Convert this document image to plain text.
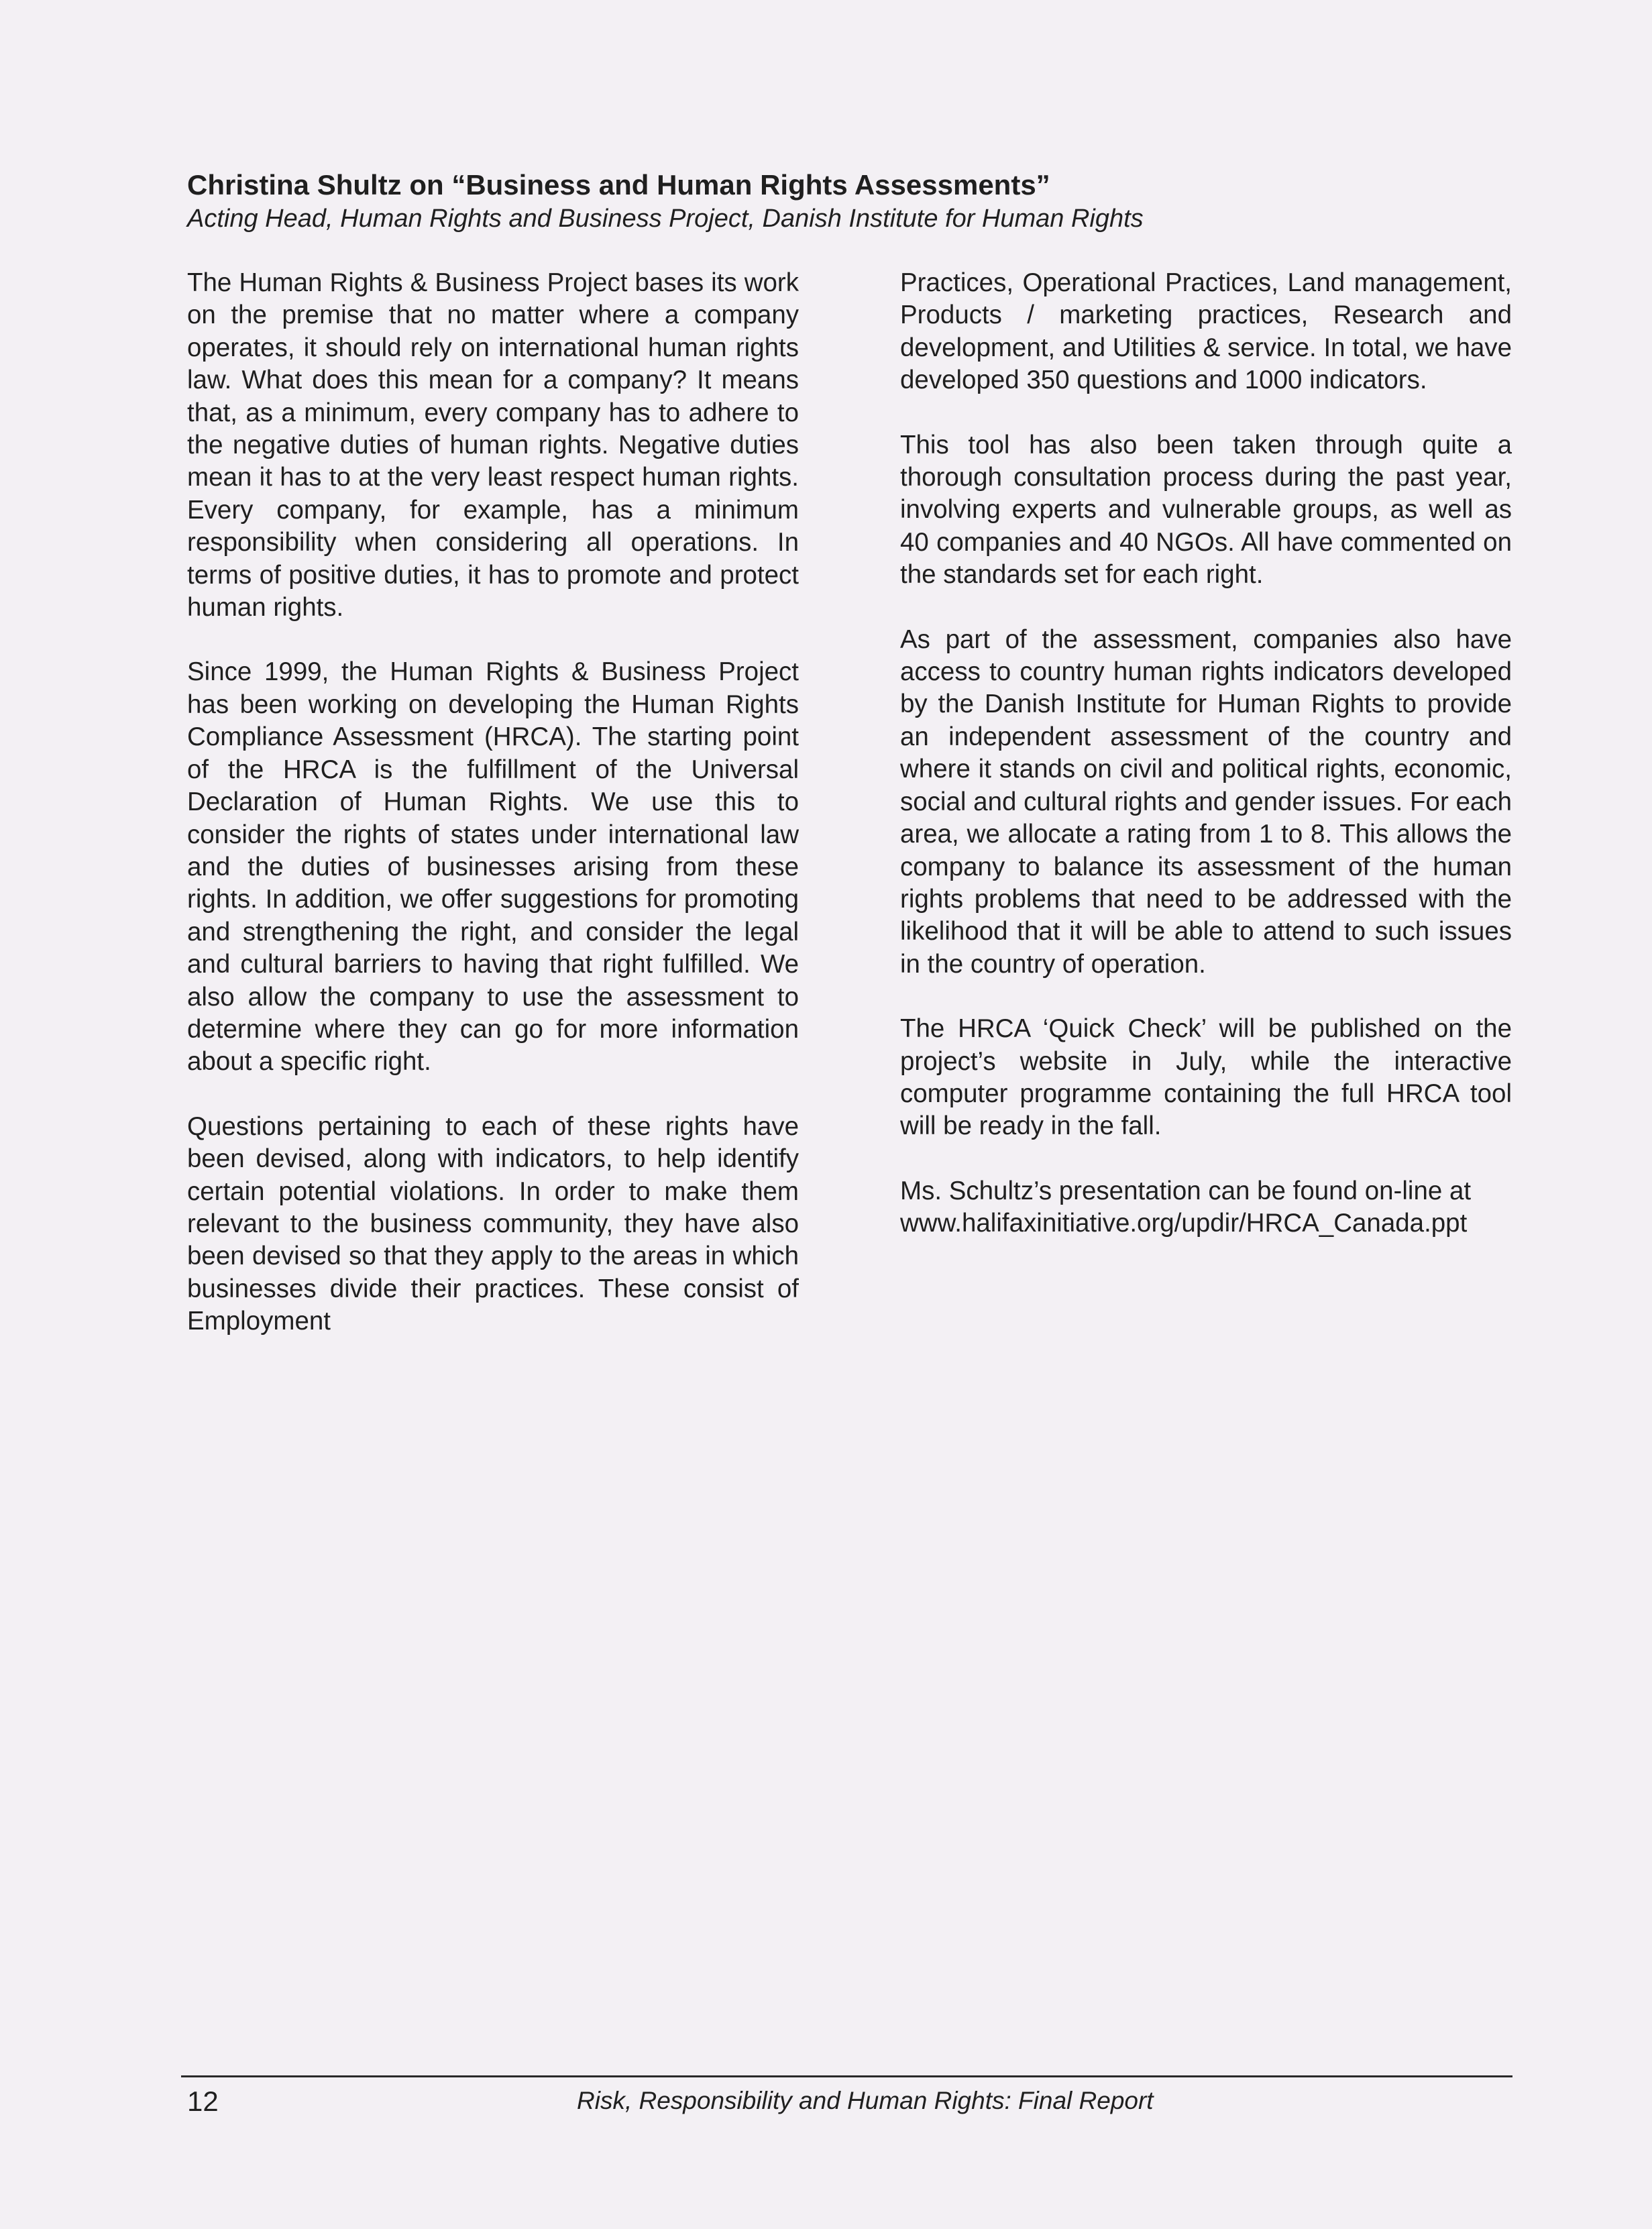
Christina Shultz on “Business and Human Rights Assessments”
Acting Head, Human Rights and Business Project, Danish Institute for Human Rights

The Human Rights & Business Project bases its work on the premise that no matter where a company operates, it should rely on international human rights law. What does this mean for a company? It means that, as a minimum, every company has to adhere to the negative duties of human rights. Negative duties mean it has to at the very least respect human rights. Every company, for example, has a minimum responsibility when considering all operations. In terms of positive duties, it has to promote and protect human rights.

Since 1999, the Human Rights & Business Project has been working on developing the Human Rights Compliance Assessment (HRCA). The starting point of the HRCA is the fulfillment of the Universal Declaration of Human Rights. We use this to consider the rights of states under international law and the duties of businesses arising from these rights. In addition, we offer suggestions for promoting and strengthening the right, and consider the legal and cultural barriers to having that right fulfilled. We also allow the company to use the assessment to determine where they can go for more information about a specific right.

Questions pertaining to each of these rights have been devised, along with indicators, to help identify certain potential violations. In order to make them relevant to the business community, they have also been devised so that they apply to the areas in which businesses divide their practices. These consist of Employment

Practices, Operational Practices, Land management, Products / marketing practices, Research and development, and Utilities & service. In total, we have developed 350 questions and 1000 indicators.

This tool has also been taken through quite a thorough consultation process during the past year, involving experts and vulnerable groups, as well as 40 companies and 40 NGOs. All have commented on the standards set for each right.

As part of the assessment, companies also have access to country human rights indicators developed by the Danish Institute for Human Rights to provide an independent assessment of the country and where it stands on civil and political rights, economic, social and cultural rights and gender issues. For each area, we allocate a rating from 1 to 8. This allows the company to balance its assessment of the human rights problems that need to be addressed with the likelihood that it will be able to attend to such issues in the country of operation.

The HRCA ‘Quick Check’ will be published on the project’s website in July, while the interactive computer programme containing the full HRCA tool will be ready in the fall.

Ms. Schultz’s presentation can be found on-line at
www.halifaxinitiative.org/updir/HRCA_Canada.ppt

12	Risk, Responsibility and Human Rights: Final Report
